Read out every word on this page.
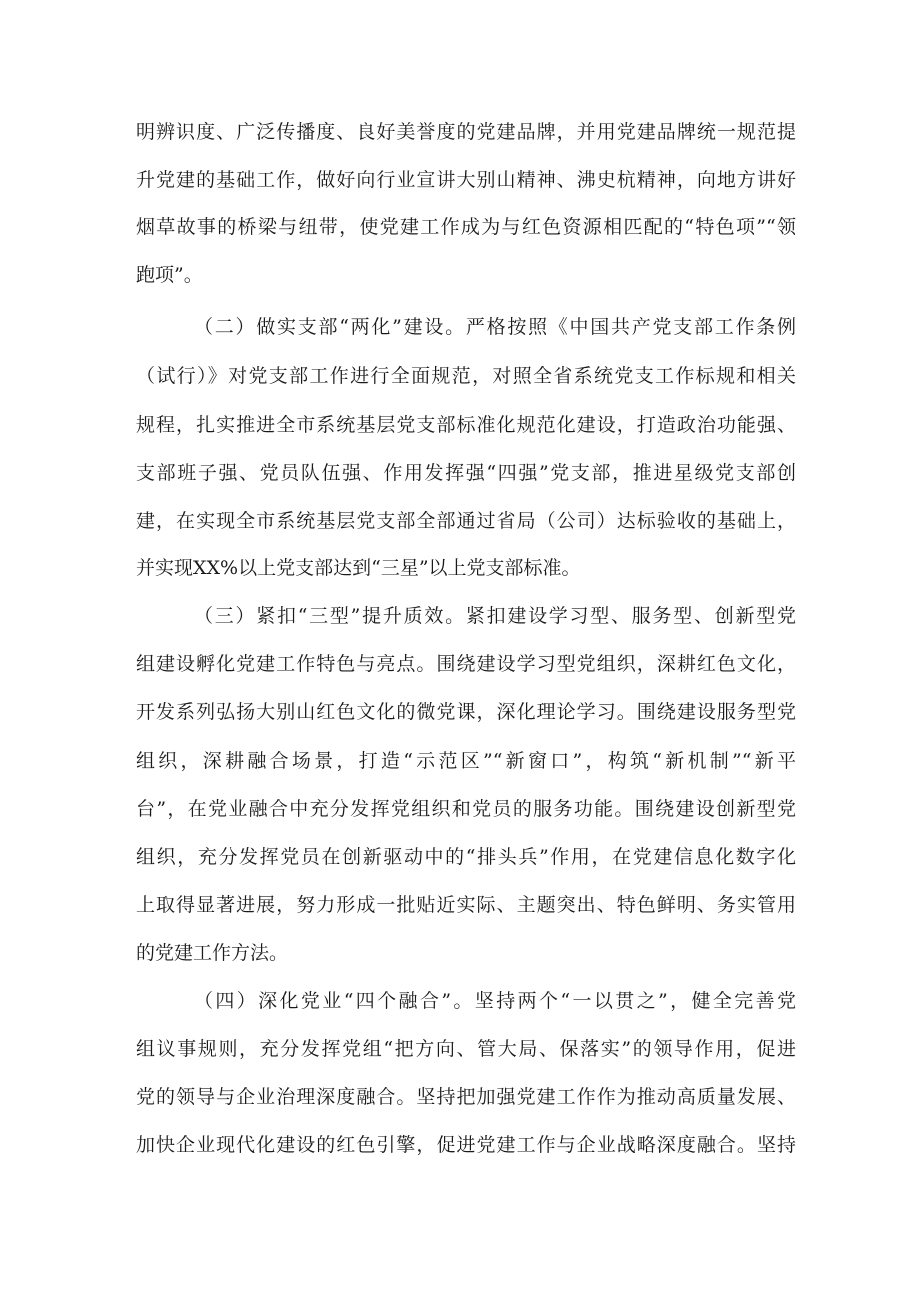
明辨识度、广泛传播度、良好美誉度的党建品牌，并用党建品牌统一规范提
升党建的基础工作，做好向行业宣讲大别山精神、沸史杭精神，向地方讲好
烟草故事的桥梁与纽带，使党建工作成为与红色资源相匹配的“特色项”“领
跑项”。
（二）做实支部“两化”建设。严格按照《中国共产党支部工作条例
（试行）》对党支部工作进行全面规范，对照全省系统党支工作标规和相关
规程，扎实推进全市系统基层党支部标准化规范化建设，打造政治功能强、
支部班子强、党员队伍强、作用发挥强“四强”党支部，推进星级党支部创
建，在实现全市系统基层党支部全部通过省局（公司）达标验收的基础上，
并实现XX%以上党支部达到“三星”以上党支部标准。
（三）紧扣“三型”提升质效。紧扣建设学习型、服务型、创新型党
组建设孵化党建工作特色与亮点。围绕建设学习型党组织，深耕红色文化，
开发系列弘扬大别山红色文化的微党课，深化理论学习。围绕建设服务型党
组织，深耕融合场景，打造“示范区”“新窗口”，构筑“新机制”“新平
台”，在党业融合中充分发挥党组织和党员的服务功能。围绕建设创新型党
组织，充分发挥党员在创新驱动中的“排头兵”作用，在党建信息化数字化
上取得显著进展，努力形成一批贴近实际、主题突出、特色鲜明、务实管用
的党建工作方法。
（四）深化党业“四个融合”。坚持两个“一以贯之”，健全完善党
组议事规则，充分发挥党组“把方向、管大局、保落实”的领导作用，促进
党的领导与企业治理深度融合。坚持把加强党建工作作为推动高质量发展、
加快企业现代化建设的红色引擎，促进党建工作与企业战略深度融合。坚持
